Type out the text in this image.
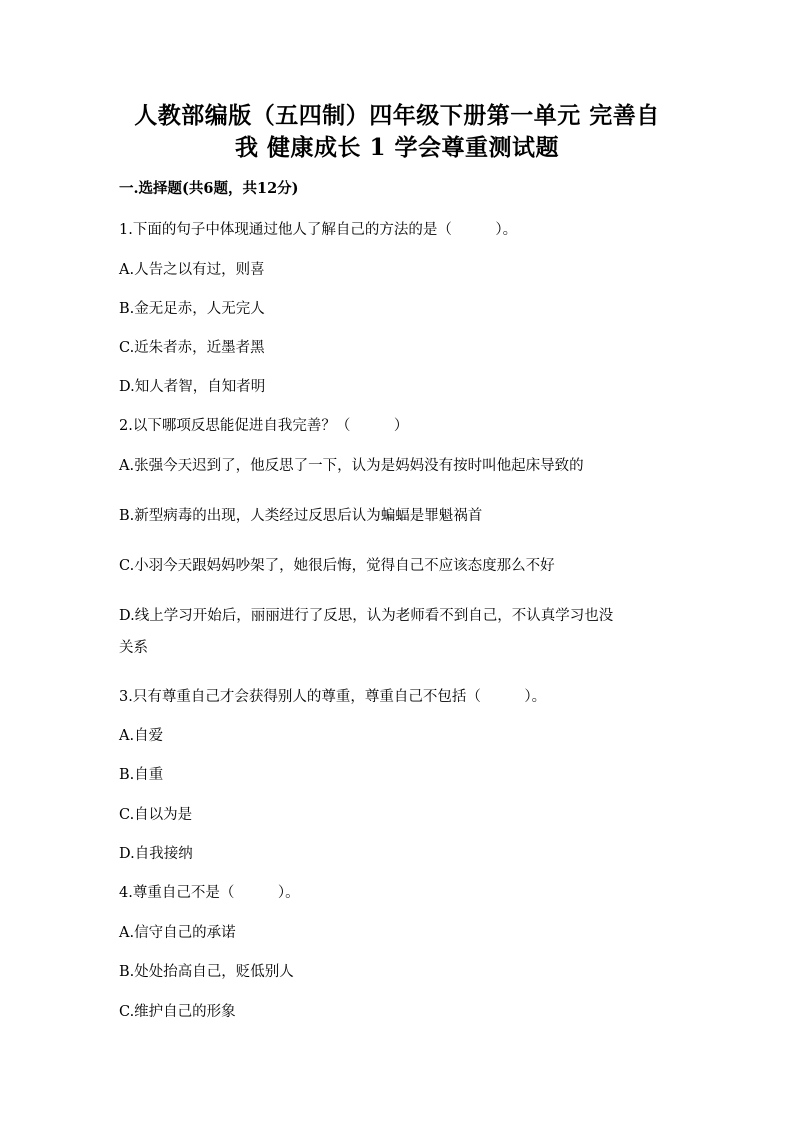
人教部编版（五四制）四年级下册第一单元 完善自
我 健康成长 1 学会尊重测试题
一.选择题(共6题，共12分)
1.下面的句子中体现通过他人了解自己的方法的是（　　　）。
A.人告之以有过，则喜
B.金无足赤，人无完人
C.近朱者赤，近墨者黑
D.知人者智，自知者明
2.以下哪项反思能促进自我完善？（　　　）
A.张强今天迟到了，他反思了一下，认为是妈妈没有按时叫他起床导致的
B.新型病毒的出现，人类经过反思后认为蝙蝠是罪魁祸首
C.小羽今天跟妈妈吵架了，她很后悔，觉得自己不应该态度那么不好
D.线上学习开始后，丽丽进行了反思，认为老师看不到自己，不认真学习也没
关系
3.只有尊重自己才会获得别人的尊重，尊重自己不包括（　　　）。
A.自爱
B.自重
C.自以为是
D.自我接纳
4.尊重自己不是（　　　）。
A.信守自己的承诺
B.处处抬高自己，贬低别人
C.维护自己的形象
